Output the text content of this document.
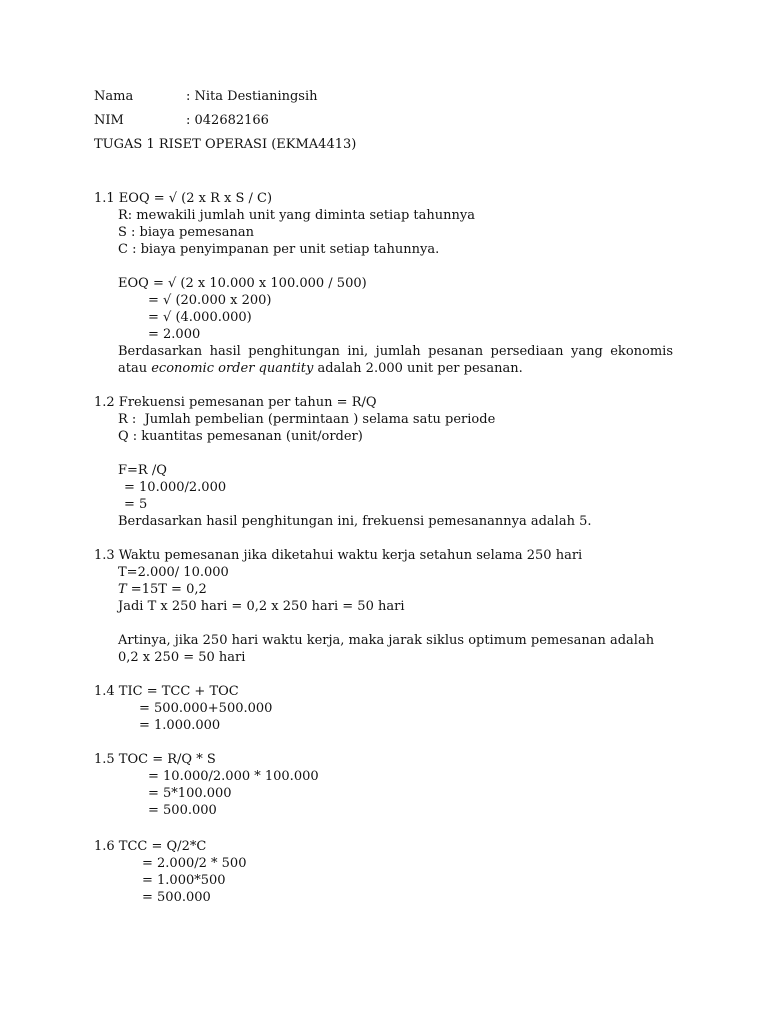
Nama	: Nita Destianingsih
NIM	: 042682166
TUGAS 1 RISET OPERASI (EKMA4413)
1.1 EOQ = √ (2 x R x S / C)
R: mewakili jumlah unit yang diminta setiap tahunnya
S : biaya pemesanan
C : biaya penyimpanan per unit setiap tahunnya.
EOQ = √ (2 x 10.000 x 100.000 / 500)
= √ (20.000 x 200)
= √ (4.000.000)
= 2.000
Berdasarkan hasil penghitungan ini, jumlah pesanan persediaan yang ekonomis
atau economic order quantity adalah 2.000 unit per pesanan.
1.2 Frekuensi pemesanan per tahun = R/Q
R :  Jumlah pembelian (permintaan ) selama satu periode
Q : kuantitas pemesanan (unit/order)
F=R /Q
= 10.000/2.000
= 5
Berdasarkan hasil penghitungan ini, frekuensi pemesanannya adalah 5.
1.3 Waktu pemesanan jika diketahui waktu kerja setahun selama 250 hari
T=2.000/ 10.000
T =15T = 0,2
Jadi T x 250 hari = 0,2 x 250 hari = 50 hari
Artinya, jika 250 hari waktu kerja, maka jarak siklus optimum pemesanan adalah
0,2 x 250 = 50 hari
1.4 TIC = TCC + TOC
= 500.000+500.000
= 1.000.000
1.5 TOC = R/Q * S
= 10.000/2.000 * 100.000
= 5*100.000
= 500.000
1.6 TCC = Q/2*C
= 2.000/2 * 500
= 1.000*500
= 500.000
